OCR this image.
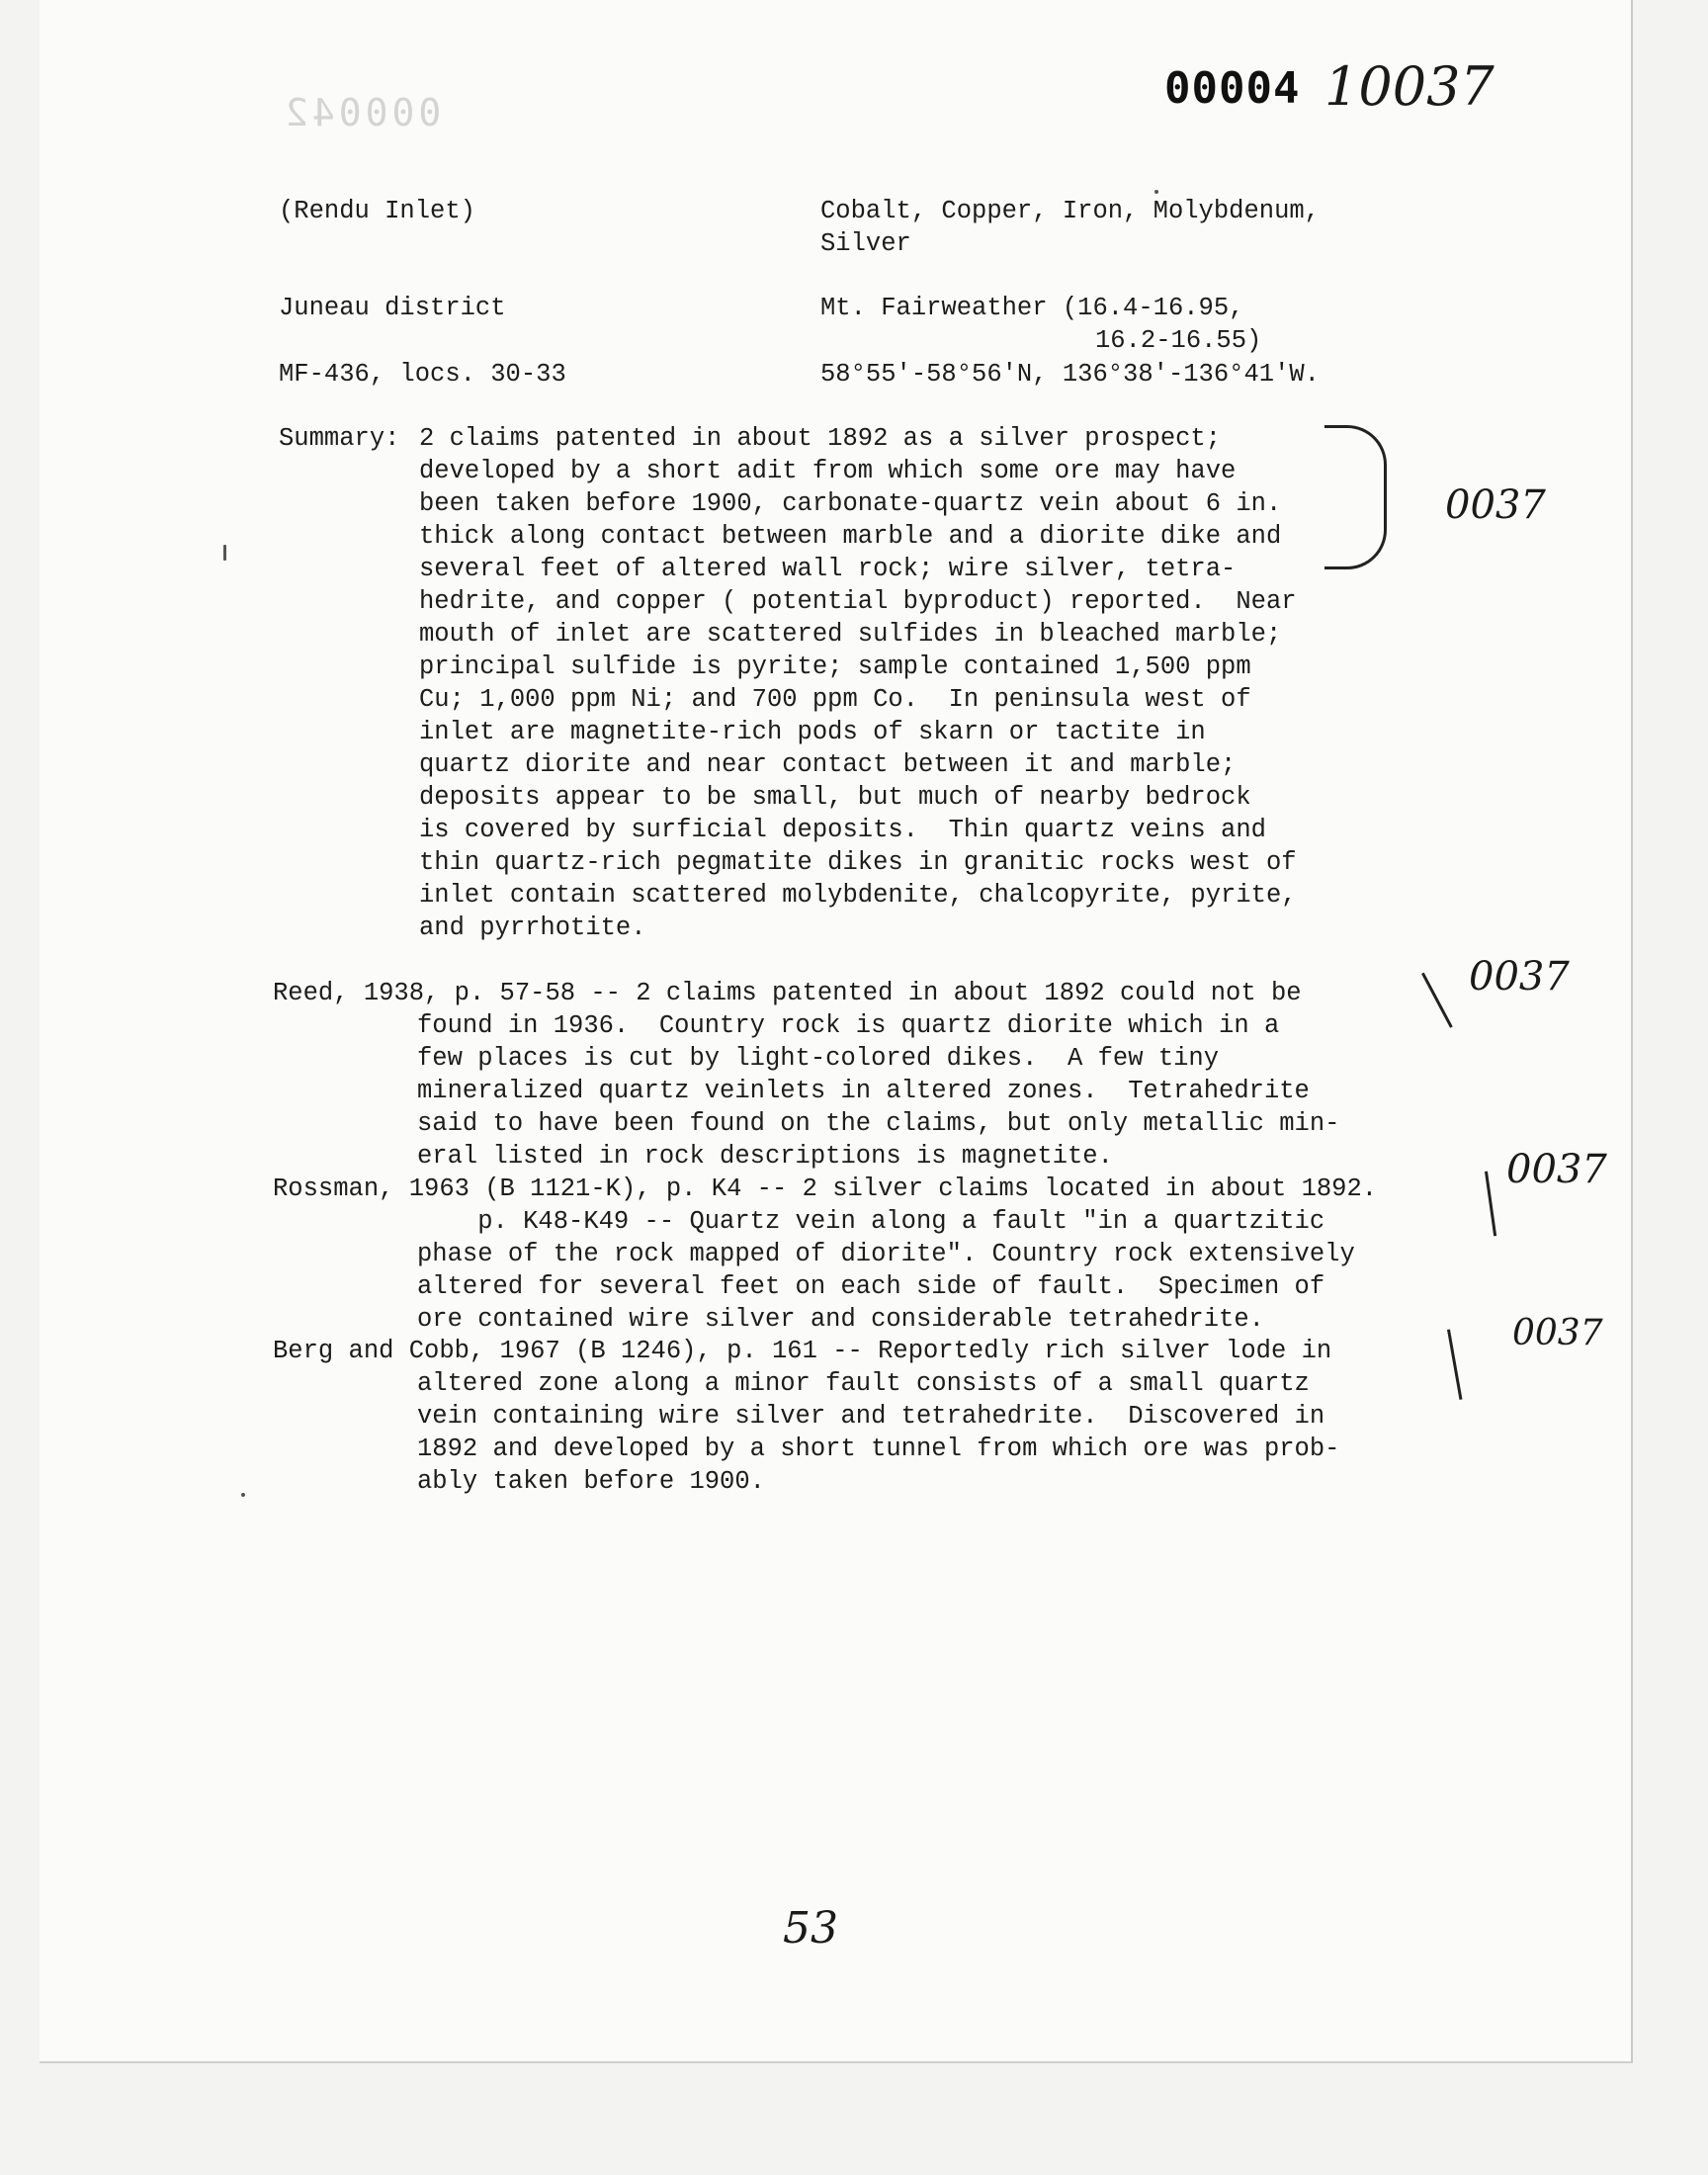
000042	00004 10037
(Rendu Inlet)	Cobalt, Copper, Iron, Molybdenum,
Silver
Juneau district	Mt. Fairweather (16.4-16.95,
16.2-16.55)
MF-436, locs. 30-33	58°55'-58°56'N, 136°38'-136°41'W.
Summary: 2 claims patented in about 1892 as a silver prospect;
developed by a short adit from which some ore may have
been taken before 1900, carbonate-quartz vein about 6 in.
thick along contact between marble and a diorite dike and
several feet of altered wall rock; wire silver, tetra-
hedrite, and copper ( potential byproduct) reported.  Near
mouth of inlet are scattered sulfides in bleached marble;
principal sulfide is pyrite; sample contained 1,500 ppm
Cu; 1,000 ppm Ni; and 700 ppm Co.  In peninsula west of
inlet are magnetite-rich pods of skarn or tactite in
quartz diorite and near contact between it and marble;
deposits appear to be small, but much of nearby bedrock
is covered by surficial deposits.  Thin quartz veins and
thin quartz-rich pegmatite dikes in granitic rocks west of
inlet contain scattered molybdenite, chalcopyrite, pyrite,
and pyrrhotite.
0037
Reed, 1938, p. 57-58 -- 2 claims patented in about 1892 could not be
found in 1936.  Country rock is quartz diorite which in a
few places is cut by light-colored dikes.  A few tiny
mineralized quartz veinlets in altered zones.  Tetrahedrite
said to have been found on the claims, but only metallic min-
eral listed in rock descriptions is magnetite.
Rossman, 1963 (B 1121-K), p. K4 -- 2 silver claims located in about 1892.
p. K48-K49 -- Quartz vein along a fault "in a quartzitic
phase of the rock mapped of diorite". Country rock extensively
altered for several feet on each side of fault.  Specimen of
ore contained wire silver and considerable tetrahedrite.
Berg and Cobb, 1967 (B 1246), p. 161 -- Reportedly rich silver lode in
altered zone along a minor fault consists of a small quartz
vein containing wire silver and tetrahedrite.  Discovered in
1892 and developed by a short tunnel from which ore was prob-
ably taken before 1900.
0037
0037
0037
53
